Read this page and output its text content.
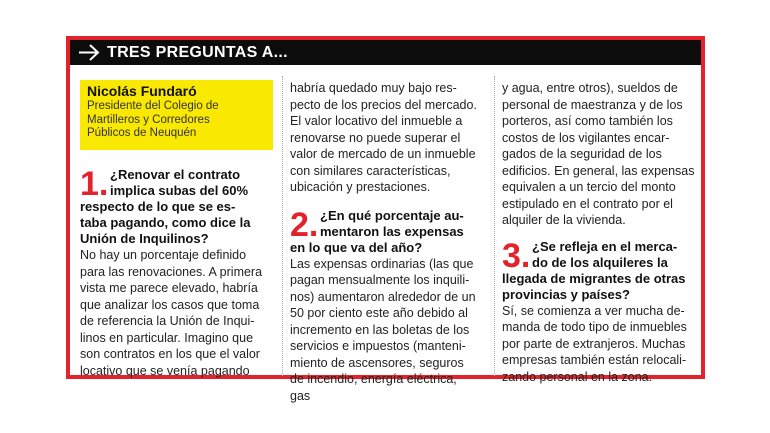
TRES PREGUNTAS A...
Nicolás Fundaró
Presidente del Colegio de
Martilleros y Corredores
Públicos de Neuquén
1. ¿Renovar el contrato
implica subas del 60%
respecto de lo que se es-
taba pagando, como dice la
Unión de Inquilinos?

No hay un porcentaje definido

para las renovaciones. A primera

vista me parece elevado, habría

que analizar los casos que toma

de referencia la Unión de Inqui-

linos en particular. Imagino que

son contratos en los que el valor

locativo que se venía pagando

habría quedado muy bajo res-

pecto de los precios del mercado.

El valor locativo del inmueble a

renovarse no puede superar el

valor de mercado de un inmueble

con similares características,

ubicación y prestaciones.

2. ¿En qué porcentaje au-
mentaron las expensas
en lo que va del año?

Las expensas ordinarias (las que

pagan mensualmente los inquili-

nos) aumentaron alrededor de un

50 por ciento este año debido al

incremento en las boletas de los

servicios e impuestos (manteni-

miento de ascensores, seguros

de incendio, energía eléctrica, gas

y agua, entre otros), sueldos de

personal de maestranza y de los

porteros, así como también los

costos de los vigilantes encar-

gados de la seguridad de los

edificios. En general, las expensas

equivalen a un tercio del monto

estipulado en el contrato por el

alquiler de la vivienda.

3. ¿Se refleja en el merca-
do de los alquileres la
llegada de migrantes de otras
provincias y países?

Sí, se comienza a ver mucha de-

manda de todo tipo de inmuebles

por parte de extranjeros. Muchas

empresas también están relocali-

zando personal en la zona.
